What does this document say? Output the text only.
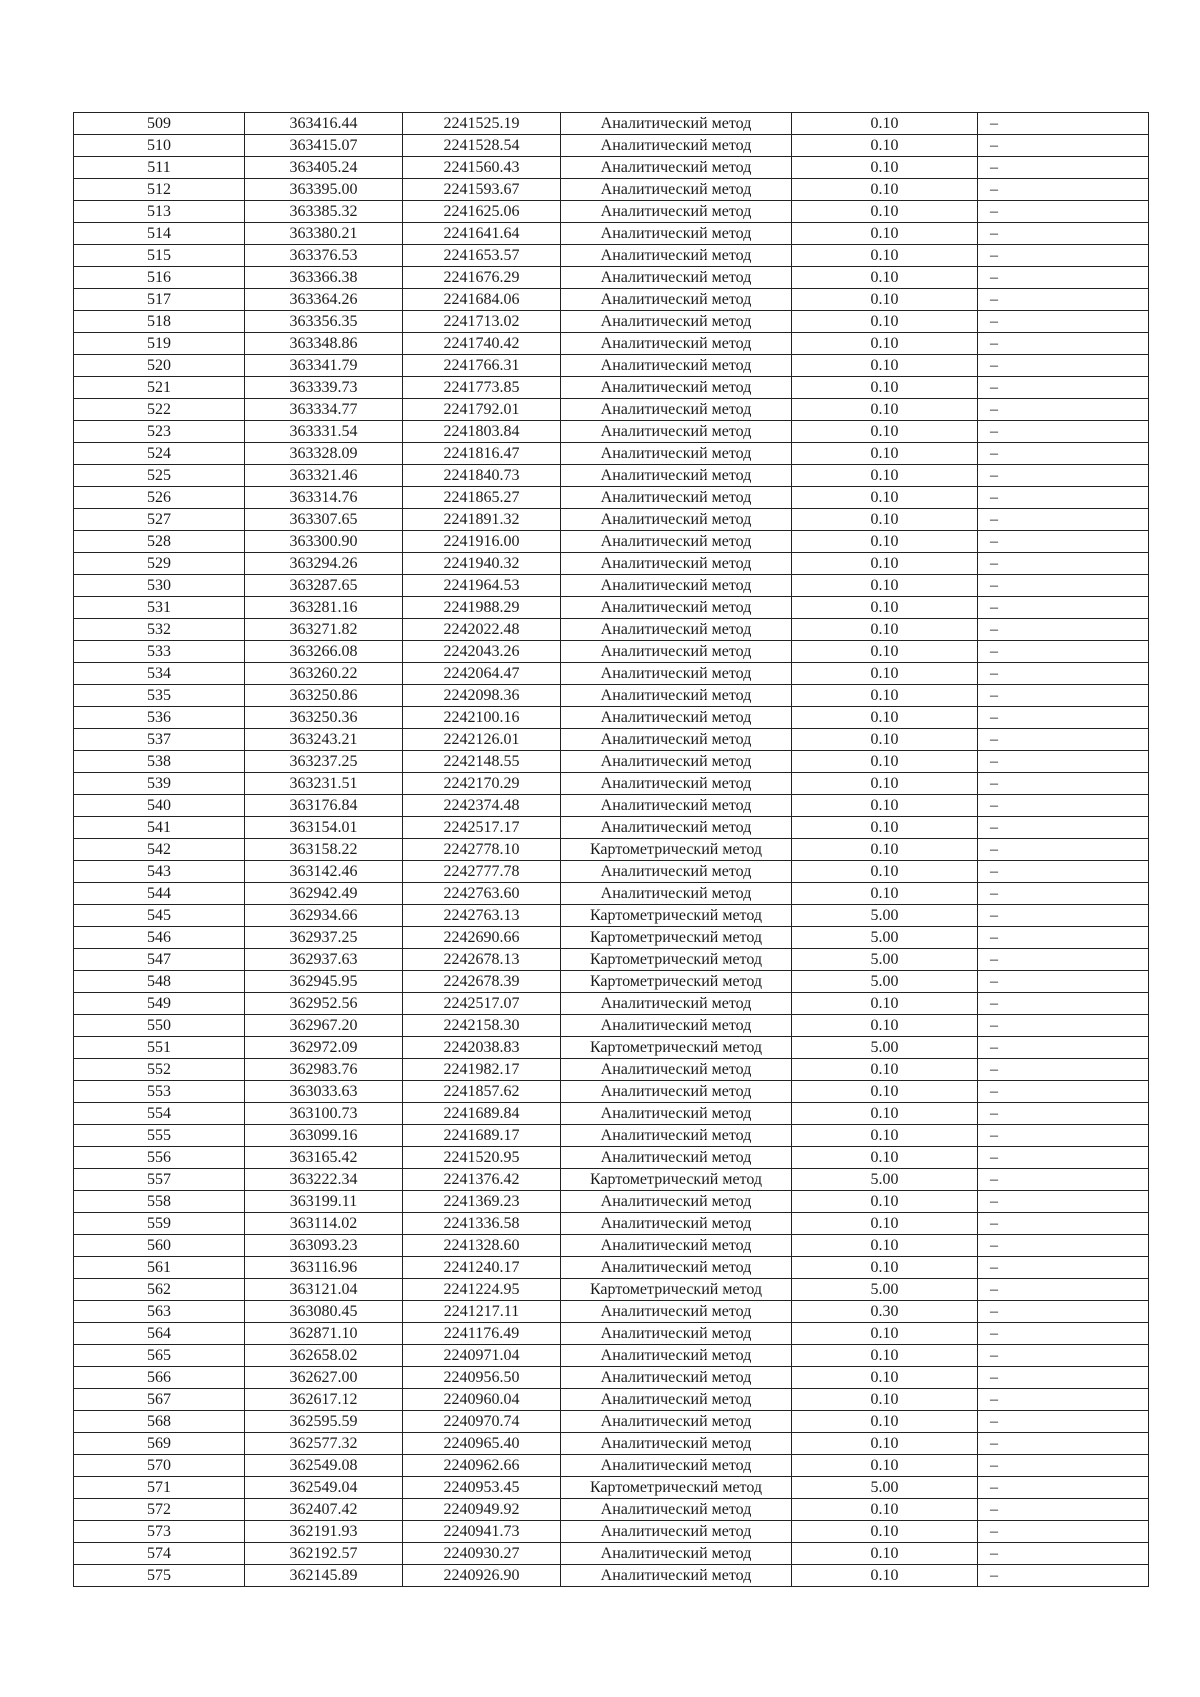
509	363416.44	2241525.19	Аналитический метод	0.10	–
510	363415.07	2241528.54	Аналитический метод	0.10	–
511	363405.24	2241560.43	Аналитический метод	0.10	–
512	363395.00	2241593.67	Аналитический метод	0.10	–
513	363385.32	2241625.06	Аналитический метод	0.10	–
514	363380.21	2241641.64	Аналитический метод	0.10	–
515	363376.53	2241653.57	Аналитический метод	0.10	–
516	363366.38	2241676.29	Аналитический метод	0.10	–
517	363364.26	2241684.06	Аналитический метод	0.10	–
518	363356.35	2241713.02	Аналитический метод	0.10	–
519	363348.86	2241740.42	Аналитический метод	0.10	–
520	363341.79	2241766.31	Аналитический метод	0.10	–
521	363339.73	2241773.85	Аналитический метод	0.10	–
522	363334.77	2241792.01	Аналитический метод	0.10	–
523	363331.54	2241803.84	Аналитический метод	0.10	–
524	363328.09	2241816.47	Аналитический метод	0.10	–
525	363321.46	2241840.73	Аналитический метод	0.10	–
526	363314.76	2241865.27	Аналитический метод	0.10	–
527	363307.65	2241891.32	Аналитический метод	0.10	–
528	363300.90	2241916.00	Аналитический метод	0.10	–
529	363294.26	2241940.32	Аналитический метод	0.10	–
530	363287.65	2241964.53	Аналитический метод	0.10	–
531	363281.16	2241988.29	Аналитический метод	0.10	–
532	363271.82	2242022.48	Аналитический метод	0.10	–
533	363266.08	2242043.26	Аналитический метод	0.10	–
534	363260.22	2242064.47	Аналитический метод	0.10	–
535	363250.86	2242098.36	Аналитический метод	0.10	–
536	363250.36	2242100.16	Аналитический метод	0.10	–
537	363243.21	2242126.01	Аналитический метод	0.10	–
538	363237.25	2242148.55	Аналитический метод	0.10	–
539	363231.51	2242170.29	Аналитический метод	0.10	–
540	363176.84	2242374.48	Аналитический метод	0.10	–
541	363154.01	2242517.17	Аналитический метод	0.10	–
542	363158.22	2242778.10	Картометрический метод	0.10	–
543	363142.46	2242777.78	Аналитический метод	0.10	–
544	362942.49	2242763.60	Аналитический метод	0.10	–
545	362934.66	2242763.13	Картометрический метод	5.00	–
546	362937.25	2242690.66	Картометрический метод	5.00	–
547	362937.63	2242678.13	Картометрический метод	5.00	–
548	362945.95	2242678.39	Картометрический метод	5.00	–
549	362952.56	2242517.07	Аналитический метод	0.10	–
550	362967.20	2242158.30	Аналитический метод	0.10	–
551	362972.09	2242038.83	Картометрический метод	5.00	–
552	362983.76	2241982.17	Аналитический метод	0.10	–
553	363033.63	2241857.62	Аналитический метод	0.10	–
554	363100.73	2241689.84	Аналитический метод	0.10	–
555	363099.16	2241689.17	Аналитический метод	0.10	–
556	363165.42	2241520.95	Аналитический метод	0.10	–
557	363222.34	2241376.42	Картометрический метод	5.00	–
558	363199.11	2241369.23	Аналитический метод	0.10	–
559	363114.02	2241336.58	Аналитический метод	0.10	–
560	363093.23	2241328.60	Аналитический метод	0.10	–
561	363116.96	2241240.17	Аналитический метод	0.10	–
562	363121.04	2241224.95	Картометрический метод	5.00	–
563	363080.45	2241217.11	Аналитический метод	0.30	–
564	362871.10	2241176.49	Аналитический метод	0.10	–
565	362658.02	2240971.04	Аналитический метод	0.10	–
566	362627.00	2240956.50	Аналитический метод	0.10	–
567	362617.12	2240960.04	Аналитический метод	0.10	–
568	362595.59	2240970.74	Аналитический метод	0.10	–
569	362577.32	2240965.40	Аналитический метод	0.10	–
570	362549.08	2240962.66	Аналитический метод	0.10	–
571	362549.04	2240953.45	Картометрический метод	5.00	–
572	362407.42	2240949.92	Аналитический метод	0.10	–
573	362191.93	2240941.73	Аналитический метод	0.10	–
574	362192.57	2240930.27	Аналитический метод	0.10	–
575	362145.89	2240926.90	Аналитический метод	0.10	–
